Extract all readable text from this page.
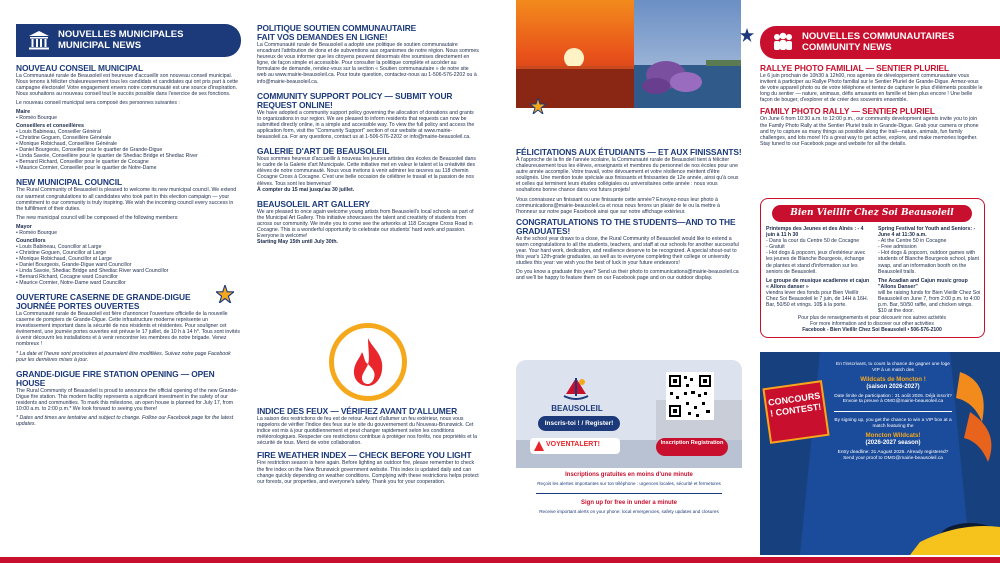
NOUVELLES MUNICIPALES
MUNICIPAL NEWS
NOUVEAU CONSEIL MUNICIPAL

La Communauté rurale de Beausoleil est heureuse d'accueillir son nouveau conseil municipal. Nous tenons à féliciter chaleureusement tous les candidats et candidates qui ont pris part à cette campagne électorale! Votre engagement envers notre communauté est une source d'inspiration. Nous souhaitons au nouveau conseil tout le succès possible dans l'exercice de ses fonctions.

Le nouveau conseil municipal sera composé des personnes suivantes :

Maire
• Roméo Bourque
Conseillers et conseillères
• Louis Babineau, Conseiller Général
• Christine Goguen, Conseillère Générale
• Monique Robichaud, Conseillère Générale
• Daniel Bourgeois, Conseiller pour le quartier de Grande-Digue
• Linda Savoie, Conseillère pour le quartier de Shediac Bridge et Shediac River
• Bernard Richard, Conseiller pour le quartier de Cocagne
• Maurice Cormier, Conseiller pour le quartier de Notre-Dame
NEW MUNICIPAL COUNCIL

The Rural Community of Beausoleil is pleased to welcome its new municipal council. We extend our warmest congratulations to all candidates who took part in this election campaign — your commitment to our community is truly inspiring. We wish the incoming council every success in the fulfillment of their duties.

The new municipal council will be composed of the following members:

Mayor
• Roméo Bourque
Councillors
• Louis Babineau, Councillor at Large
• Christine Goguen, Councillor at Large
• Monique Robichaud, Councillor at Large
• Daniel Bourgeois, Grande-Digue ward Councillor
• Linda Savoie, Shediac Bridge and Shediac River ward Councillor
• Bernard Richard, Cocagne ward Councillor
• Maurice Cormier, Notre-Dame ward Councillor
OUVERTURE CASERNE DE GRANDE-DIGUE
JOURNÉE PORTES OUVERTES

La Communauté rurale de Beausoleil est fière d'annoncer l'ouverture officielle de la nouvelle caserne de pompiers de Grande-Digue. Cette infrastructure moderne représente un investissement important dans la sécurité de nos résidents et résidentes. Pour souligner cet événement, une journée portes ouvertes est prévue le 17 juillet, de 10 h à 14 h*. Tous sont invités à venir découvrir les installations et à venir rencontrer les membres de notre brigade. Venez nombreux !

* La date et l'heure sont provisoires et pourraient être modifiées. Suivez notre page Facebook pour les dernières mises à jour.

GRANDE-DIGUE FIRE STATION OPENING — OPEN HOUSE

The Rural Community of Beausoleil is proud to announce the official opening of the new Grande-Digue fire station. This modern facility represents a significant investment in the safety of our residents and communities. To mark this milestone, an open house is planned for July 17, from 10:00 a.m. to 2:00 p.m.* We look forward to seeing you there!

* Dates and times are tentative and subject to change. Follow our Facebook page for the latest updates.

POLITIQUE SOUTIEN COMMUNAUTAIRE
FAIT VOS DEMANDES EN LIGNE!

La Communauté rurale de Beausoleil a adopté une politique de soutien communautaire encadrant l'attribution de dons et de subventions aux organismes de notre région. Nous sommes heureux de vous informer que les citoyens peuvent désormais être soumises directement en ligne, de façon simple et accessible. Pour consulter la politique complète et accéder au formulaire de demande, rendez-vous sur la section « Soutien communautaire » de notre site web au www.mairie-beausoleil.ca. Pour toute question, contactez-nous au 1-506-576-2202 ou à info@mairie-beausoleil.ca.

COMMUNITY SUPPORT POLICY — SUBMIT YOUR REQUEST ONLINE!

We have adopted a community support policy governing the allocation of donations and grants to organizations in our region. We are pleased to inform residents that requests can now be submitted directly online, in a simple and accessible way. To view the full policy and access the application form, visit the "Community Support" section of our website at www.mairie-beausoleil.ca. For any questions, contact us at 1-506-576-2202 or info@mairie-beausoleil.ca.

GALERIE D'ART DE BEAUSOLEIL

Nous sommes heureux d'accueillir à nouveau les jeunes artistes des écoles de Beausoleil dans le cadre de la Galerie d'art Municipale. Cette initiative met en valeur le talent et la créativité des élèves de notre communauté. Nous vous invitons à venir admirer les œuvres au 118 chemin Cocagne Cross à Cocagne. C'est une belle occasion de célébrer le travail et la passion de nos élèves. Tous sont les bienvenus!

À compter du 15 mai jusqu'au 30 juillet.

BEAUSOLEIL ART GALLERY

We are pleased to once again welcome young artists from Beausoleil's local schools as part of the Municipal Art Gallery. This initiative showcases the talent and creativity of students from across our community. We invite you to come see the artworks at 118 Cocagne Cross Road in Cocagne. This is a wonderful opportunity to celebrate our students' hard work and passion. Everyone is welcome!

Starting May 15th until July 30th.

INDICE DES FEUX — VÉRIFIEZ AVANT D'ALLUMER

La saison des restrictions de feu est de retour. Avant d'allumer un feu extérieur, nous vous rappelons de vérifier l'indice des feux sur le site du gouvernement du Nouveau-Brunswick. Cet indice est mis à jour quotidiennement et peut changer rapidement selon les conditions météorologiques. Respecter ces restrictions contribue à protéger nos forêts, nos propriétés et la sécurité de tous. Merci de votre collaboration.

FIRE WEATHER INDEX — CHECK BEFORE YOU LIGHT

Fire restriction season is here again. Before lighting an outdoor fire, please remember to check the fire index on the New Brunswick government website. This index is updated daily and can change quickly depending on weather conditions. Complying with these restrictions helps protect our forests, our properties, and everyone's safety. Thank you for your cooperation.

FÉLICITATIONS AUX ÉTUDIANTS — ET AUX FINISSANTS!

À l'approche de la fin de l'année scolaire, la Communauté rurale de Beausoleil tient à féliciter chaleureusement tous les élèves, enseignants et membres du personnel de nos écoles pour une autre année accomplie. Votre travail, votre dévouement et votre résilience méritent d'être soulignés. Une mention toute spéciale aux finissants et finissantes de 12e année, ainsi qu'à ceux et celles qui terminent leurs études collégiales ou universitaires cette année : nous vous souhaitons bonne chance dans vos futurs projets!

Vous connaissez un finissant ou une finissante cette année? Envoyez-nous leur photo à communications@mairie-beausoleil.ca et nous nous ferons un plaisir de le ou la mettre à l'honneur sur notre page Facebook ainsi que sur notre affichage extérieur.

CONGRATULATIONS TO THE STUDENTS—AND TO THE GRADUATES!

As the school year draws to a close, the Rural Community of Beausoleil would like to extend a warm congratulations to all the students, teachers, and staff at our schools for another successful year. Your hard work, dedication, and resilience deserve to be recognized. A special shout-out to this year's 12th-grade graduates, as well as to everyone completing their college or university studies this year: we wish you the best of luck in your future endeavors!

Do you know a graduate this year? Send us their photo to communications@mairie-beausoleil.ca and we'll be happy to feature them on our Facebook page and on our outdoor display.

BEAUSOLEIL
Inscris-toi ! / Register!
VOYENTALERT!	Inscription Registration
Inscriptions gratuites en moins d'une minute
Reçois les alertes importantes sur ton téléphone : urgences locales, sécurité et fermetures
Sign up for free in under a minute
Receive important alerts on your phone: local emergencies, safety updates and closures
NOUVELLES COMMUNAUTAIRES
COMMUNITY NEWS
RALLYE PHOTO FAMILIAL — SENTIER PLURIEL

Le 6 juin prochain de 10h30 à 12h00, nos agentes de développement communautaire vous invitent à participer au Rallye Photo familial sur le Sentier Pluriel de Grande-Digue. Armez-vous de votre appareil photo ou de votre téléphone et tentez de capturer le plus d'éléments possible le long du sentier — nature, animaux, défis amusants en famille et bien plus encore ! Une belle façon de bouger, d'explorer et de créer des souvenirs ensemble.

FAMILY PHOTO RALLY — SENTIER PLURIEL

On June 6 from 10:30 a.m. to 12:00 p.m., our community development agents invite you to join the Family Photo Rally at the Sentier Pluriel trails in Grande-Digue. Grab your camera or phone and try to capture as many things as possible along the trail—nature, animals, fun family challenges, and lots more! It's a great way to get active, explore, and make memories together. Stay tuned to our Facebook page and website for all the details.

Bien Vieillir Chez Soi Beausoleil
Printemps des Jeunes et des Aînés : - 4 juin à 11 h 30
- Dans la cour du Centre 50 de Cocagne
- Gratuit
- Hot dogs & popcorn, jeux d'extérieur avec les jeunes de Blanche Bourgeois, échange de plantes et stand d'information sur les seniors de Beausoleil.
Le groupe de musique acadienne et cajun « Allons danser »
viendra lever des fonds pour Bien Vieillir Chez Soi Beausoleil le 7 juin, de 14H à 16H. Bar, 50/50 et vrings. 10$ à la porte.
Spring Festival for Youth and Seniors: - June 4 at 11:30 a.m.
- At the Centre 50 in Cocagne
- Free admission
- Hot dogs & popcorn, outdoor games with students of Blanche Bourgeois school, plant swap, and an information booth on the Beausoleil trails.
The Acadian and Cajun music group "Allons Danser"
will be raising funds for Bien Vieillir Chez Soi Beausoleil on June 7, from 2:00 p.m. to 4:00 p.m. Bar, 50/50 raffle, and chicken wings. $10 at the door.
Pour plus de renseignements et pour découvrir nos autres activités
For more information and to discover our other activities
Facebook - Bien Vieillir Chez Soi Beausoleil • 506-576-2100
CONCOURS ! CONTEST!
En t'inscrivant, tu cours la chance de gagner une loge VIP à un match des
Wildcats de Moncton !
(saison 2026-2027)
Date limite de participation : 31 août 2026. Déjà inscrit? Envoie ta preuve à OMG@mairie-beausoleil.ca
By signing up, you get the chance to win a VIP box at a match featuring the
Moncton Wildcats!
(2026-2027 season)
Entry deadline: 31 August 2026. Already registered? Send your proof to OMG@mairie-beausoleil.ca
